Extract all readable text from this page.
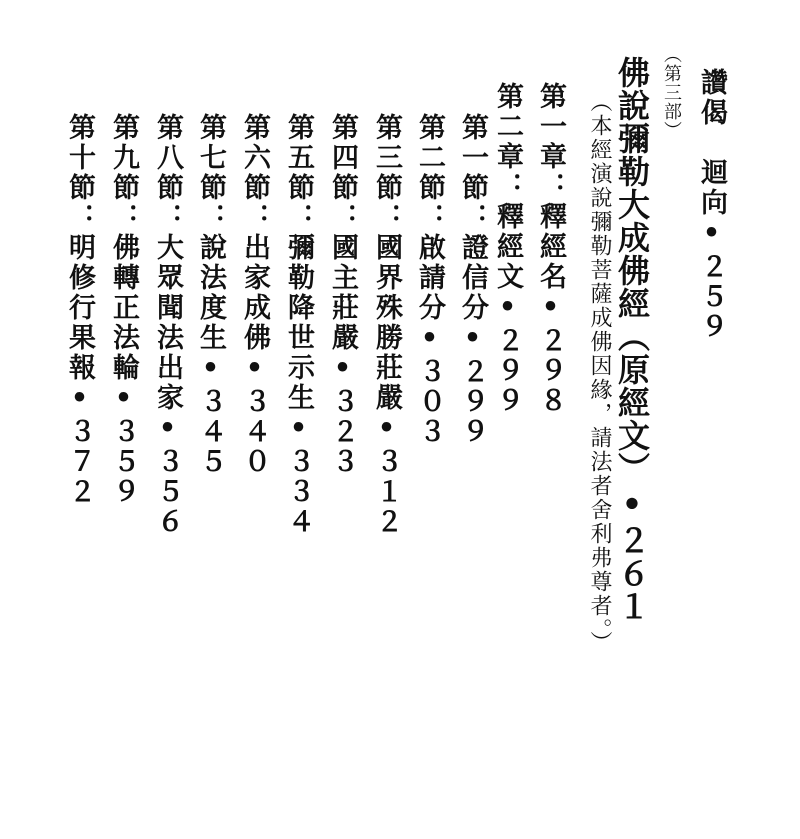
讚偈　迴向•２５９
（第三部）
佛說彌勒大成佛經（原經文）•２６１
（本經演說彌勒菩薩成佛因緣，請法者舍利弗尊者。）
第一章：釋經名•２９８
第二章：釋經文•２９９
第一節：證信分•２９９
第二節：啟請分•３０３
第三節：國界殊勝莊嚴•３１２
第四節：國主莊嚴•３２３
第五節：彌勒降世示生•３３４
第六節：出家成佛•３４０
第七節：說法度生•３４５
第八節：大眾聞法出家•３５６
第九節：佛轉正法輪•３５９
第十節：明修行果報•３７２
